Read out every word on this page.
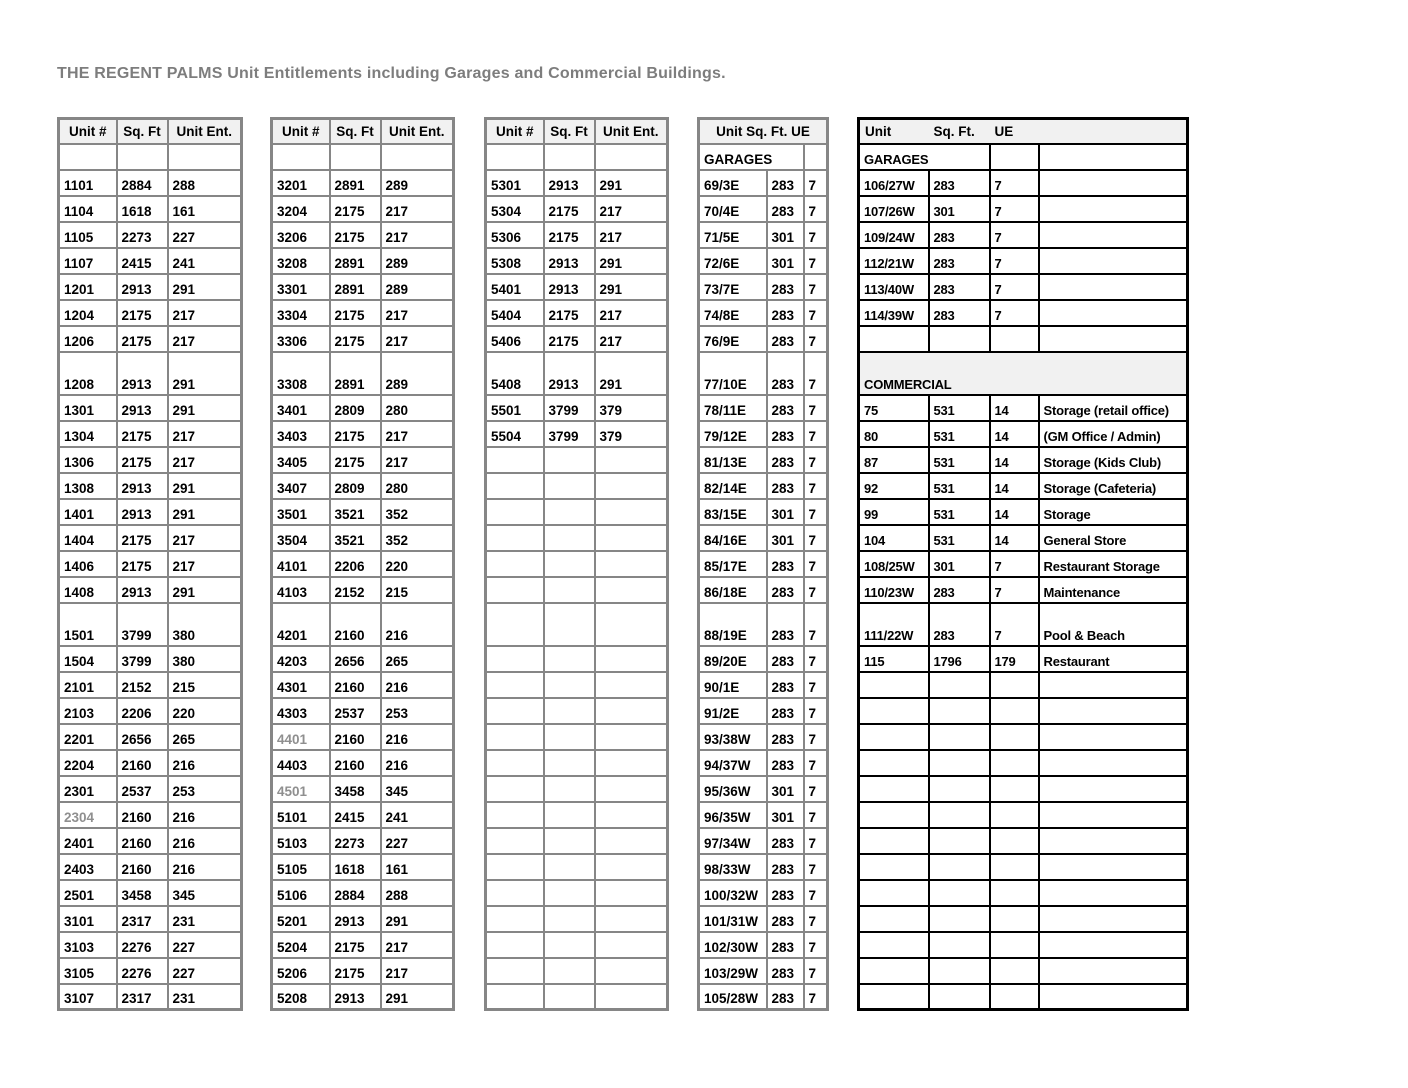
THE REGENT PALMS Unit Entitlements including Garages and Commercial Buildings.
Unit #	Sq. Ft	Unit Ent.

1101	2884	288
1104	1618	161
1105	2273	227
1107	2415	241
1201	2913	291
1204	2175	217
1206	2175	217
1208	2913	291
1301	2913	291
1304	2175	217
1306	2175	217
1308	2913	291
1401	2913	291
1404	2175	217
1406	2175	217
1408	2913	291
1501	3799	380
1504	3799	380
2101	2152	215
2103	2206	220
2201	2656	265
2204	2160	216
2301	2537	253
2304	2160	216
2401	2160	216
2403	2160	216
2501	3458	345
3101	2317	231
3103	2276	227
3105	2276	227
3107	2317	231
Unit #	Sq. Ft	Unit Ent.

3201	2891	289
3204	2175	217
3206	2175	217
3208	2891	289
3301	2891	289
3304	2175	217
3306	2175	217
3308	2891	289
3401	2809	280
3403	2175	217
3405	2175	217
3407	2809	280
3501	3521	352
3504	3521	352
4101	2206	220
4103	2152	215
4201	2160	216
4203	2656	265
4301	2160	216
4303	2537	253
4401	2160	216
4403	2160	216
4501	3458	345
5101	2415	241
5103	2273	227
5105	1618	161
5106	2884	288
5201	2913	291
5204	2175	217
5206	2175	217
5208	2913	291
Unit #	Sq. Ft	Unit Ent.

5301	2913	291
5304	2175	217
5306	2175	217
5308	2913	291
5401	2913	291
5404	2175	217
5406	2175	217
5408	2913	291
5501	3799	379
5504	3799	379

Unit Sq. Ft. UE		
GARAGES		
69/3E	283	7
70/4E	283	7
71/5E	301	7
72/6E	301	7
73/7E	283	7
74/8E	283	7
76/9E	283	7
77/10E	283	7
78/11E	283	7
79/12E	283	7
81/13E	283	7
82/14E	283	7
83/15E	301	7
84/16E	301	7
85/17E	283	7
86/18E	283	7
88/19E	283	7
89/20E	283	7
90/1E	283	7
91/2E	283	7
93/38W	283	7
94/37W	283	7
95/36W	301	7
96/35W	301	7
97/34W	283	7
98/33W	283	7
100/32W	283	7
101/31W	283	7
102/30W	283	7
103/29W	283	7
105/28W	283	7
Unit	Sq. Ft.	UE	
GARAGES			
106/27W	283	7	
107/26W	301	7	
109/24W	283	7	
112/21W	283	7	
113/40W	283	7	
114/39W	283	7	

COMMERCIAL			
75	531	14	Storage (retail office)
80	531	14	(GM Office / Admin)
87	531	14	Storage (Kids Club)
92	531	14	Storage (Cafeteria)
99	531	14	Storage
104	531	14	General Store
108/25W	301	7	Restaurant Storage
110/23W	283	7	Maintenance
111/22W	283	7	Pool & Beach
115	1796	179	Restaurant
